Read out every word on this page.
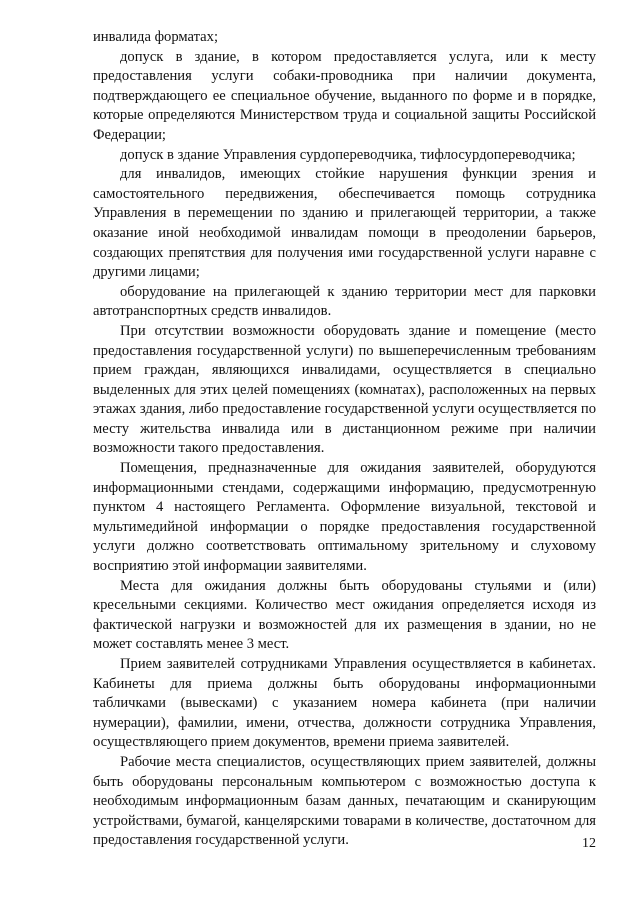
инвалида форматах;

допуск в здание, в котором предоставляется услуга, или к месту предоставления услуги собаки-проводника при наличии документа, подтверждающего ее специальное обучение, выданного по форме и в порядке, которые определяются Министерством труда и социальной защиты Российской Федерации;

допуск в здание Управления сурдопереводчика, тифлосурдопереводчика;

для инвалидов, имеющих стойкие нарушения функции зрения и самостоятельного передвижения, обеспечивается помощь сотрудника Управления в перемещении по зданию и прилегающей территории, а также оказание иной необходимой инвалидам помощи в преодолении барьеров, создающих препятствия для получения ими государственной услуги наравне с другими лицами;

оборудование на прилегающей к зданию территории мест для парковки автотранспортных средств инвалидов.

При отсутствии возможности оборудовать здание и помещение (место предоставления государственной услуги) по вышеперечисленным требованиям прием граждан, являющихся инвалидами, осуществляется в специально выделенных для этих целей помещениях (комнатах), расположенных на первых этажах здания, либо предоставление государственной услуги осуществляется по месту жительства инвалида или в дистанционном режиме при наличии возможности такого предоставления.

Помещения, предназначенные для ожидания заявителей, оборудуются информационными стендами, содержащими информацию, предусмотренную пунктом 4 настоящего Регламента. Оформление визуальной, текстовой и мультимедийной информации о порядке предоставления государственной услуги должно соответствовать оптимальному зрительному и слуховому восприятию этой информации заявителями.

Места для ожидания должны быть оборудованы стульями и (или) кресельными секциями. Количество мест ожидания определяется исходя из фактической нагрузки и возможностей для их размещения в здании, но не может составлять менее 3 мест.

Прием заявителей сотрудниками Управления осуществляется в кабинетах. Кабинеты для приема должны быть оборудованы информационными табличками (вывесками) с указанием номера кабинета (при наличии нумерации), фамилии, имени, отчества, должности сотрудника Управления, осуществляющего прием документов, времени приема заявителей.

Рабочие места специалистов, осуществляющих прием заявителей, должны быть оборудованы персональным компьютером с возможностью доступа к необходимым информационным базам данных, печатающим и сканирующим устройствами, бумагой, канцелярскими товарами в количестве, достаточном для предоставления государственной услуги.	12
